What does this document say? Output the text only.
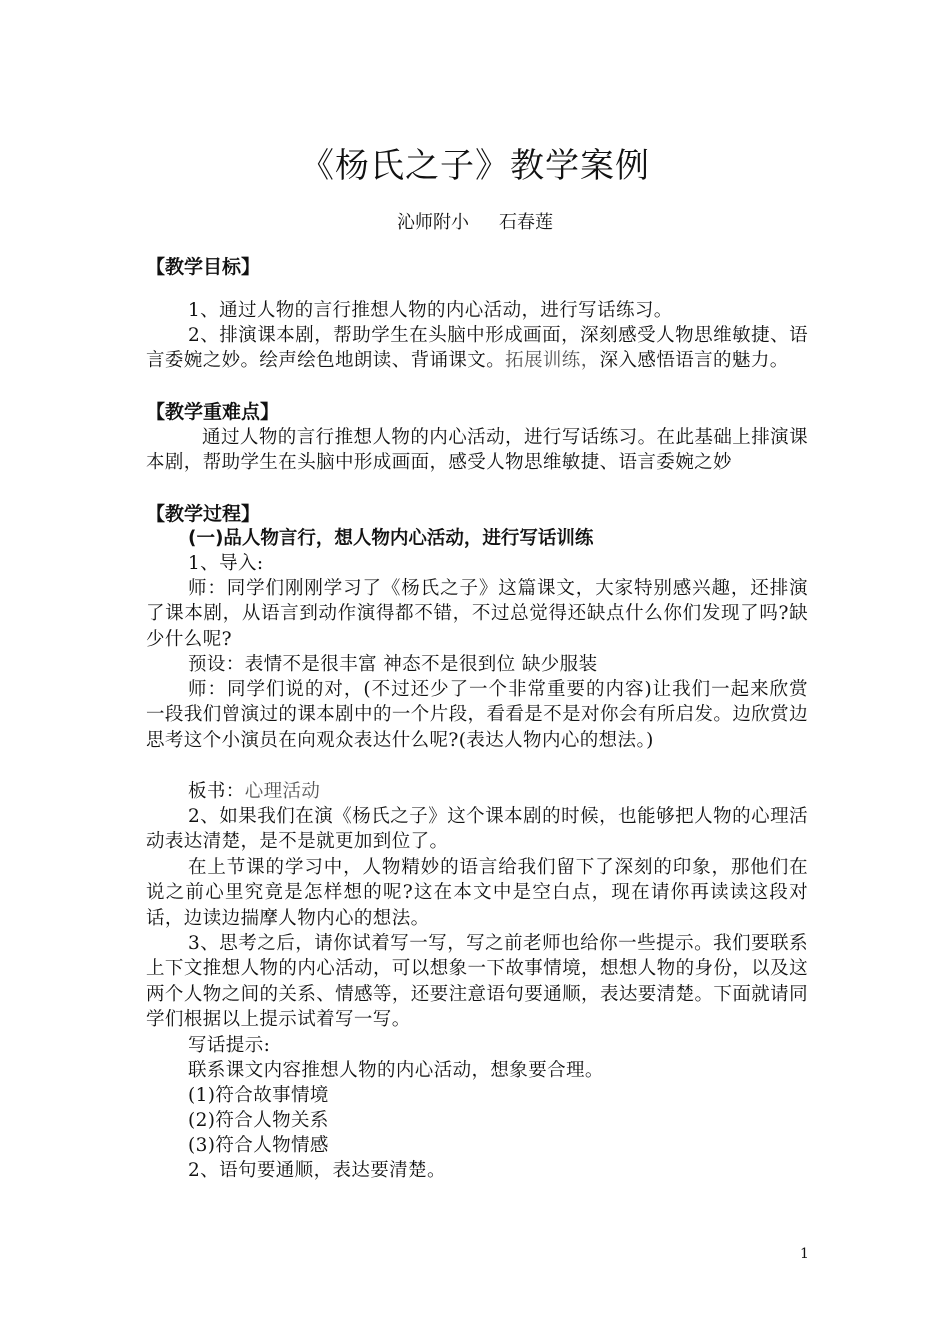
《杨氏之子》教学案例
沁师附小 石春莲
【教学目标】
1、通过人物的言行推想人物的内心活动，进行写话练习。

2、排演课本剧，帮助学生在头脑中形成画面，深刻感受人物思维敏捷、语言委婉之妙。绘声绘色地朗读、背诵课文。拓展训练，深入感悟语言的魅力。

【教学重难点】
通过人物的言行推想人物的内心活动，进行写话练习。在此基础上排演课本剧，帮助学生在头脑中形成画面，感受人物思维敏捷、语言委婉之妙
【教学过程】
(一)品人物言行，想人物内心活动，进行写话训练
1、导入:
师：同学们刚刚学习了《杨氏之子》这篇课文，大家特别感兴趣，还排演了课本剧，从语言到动作演得都不错，不过总觉得还缺点什么你们发现了吗?缺少什么呢?
预设：表情不是很丰富 神态不是很到位 缺少服装
师：同学们说的对，(不过还少了一个非常重要的内容)让我们一起来欣赏一段我们曾演过的课本剧中的一个片段，看看是不是对你会有所启发。边欣赏边思考这个小演员在向观众表达什么呢?(表达人物内心的想法。)
板书：心理活动
2、如果我们在演《杨氏之子》这个课本剧的时候，也能够把人物的心理活动表达清楚，是不是就更加到位了。
在上节课的学习中，人物精妙的语言给我们留下了深刻的印象，那他们在说之前心里究竟是怎样想的呢?这在本文中是空白点，现在请你再读读这段对话，边读边揣摩人物内心的想法。
3、思考之后，请你试着写一写，写之前老师也给你一些提示。我们要联系上下文推想人物的内心活动，可以想象一下故事情境，想想人物的身份，以及这两个人物之间的关系、情感等，还要注意语句要通顺，表达要清楚。下面就请同学们根据以上提示试着写一写。
写话提示:
联系课文内容推想人物的内心活动，想象要合理。
(1)符合故事情境
(2)符合人物关系
(3)符合人物情感
2、语句要通顺，表达要清楚。
1
